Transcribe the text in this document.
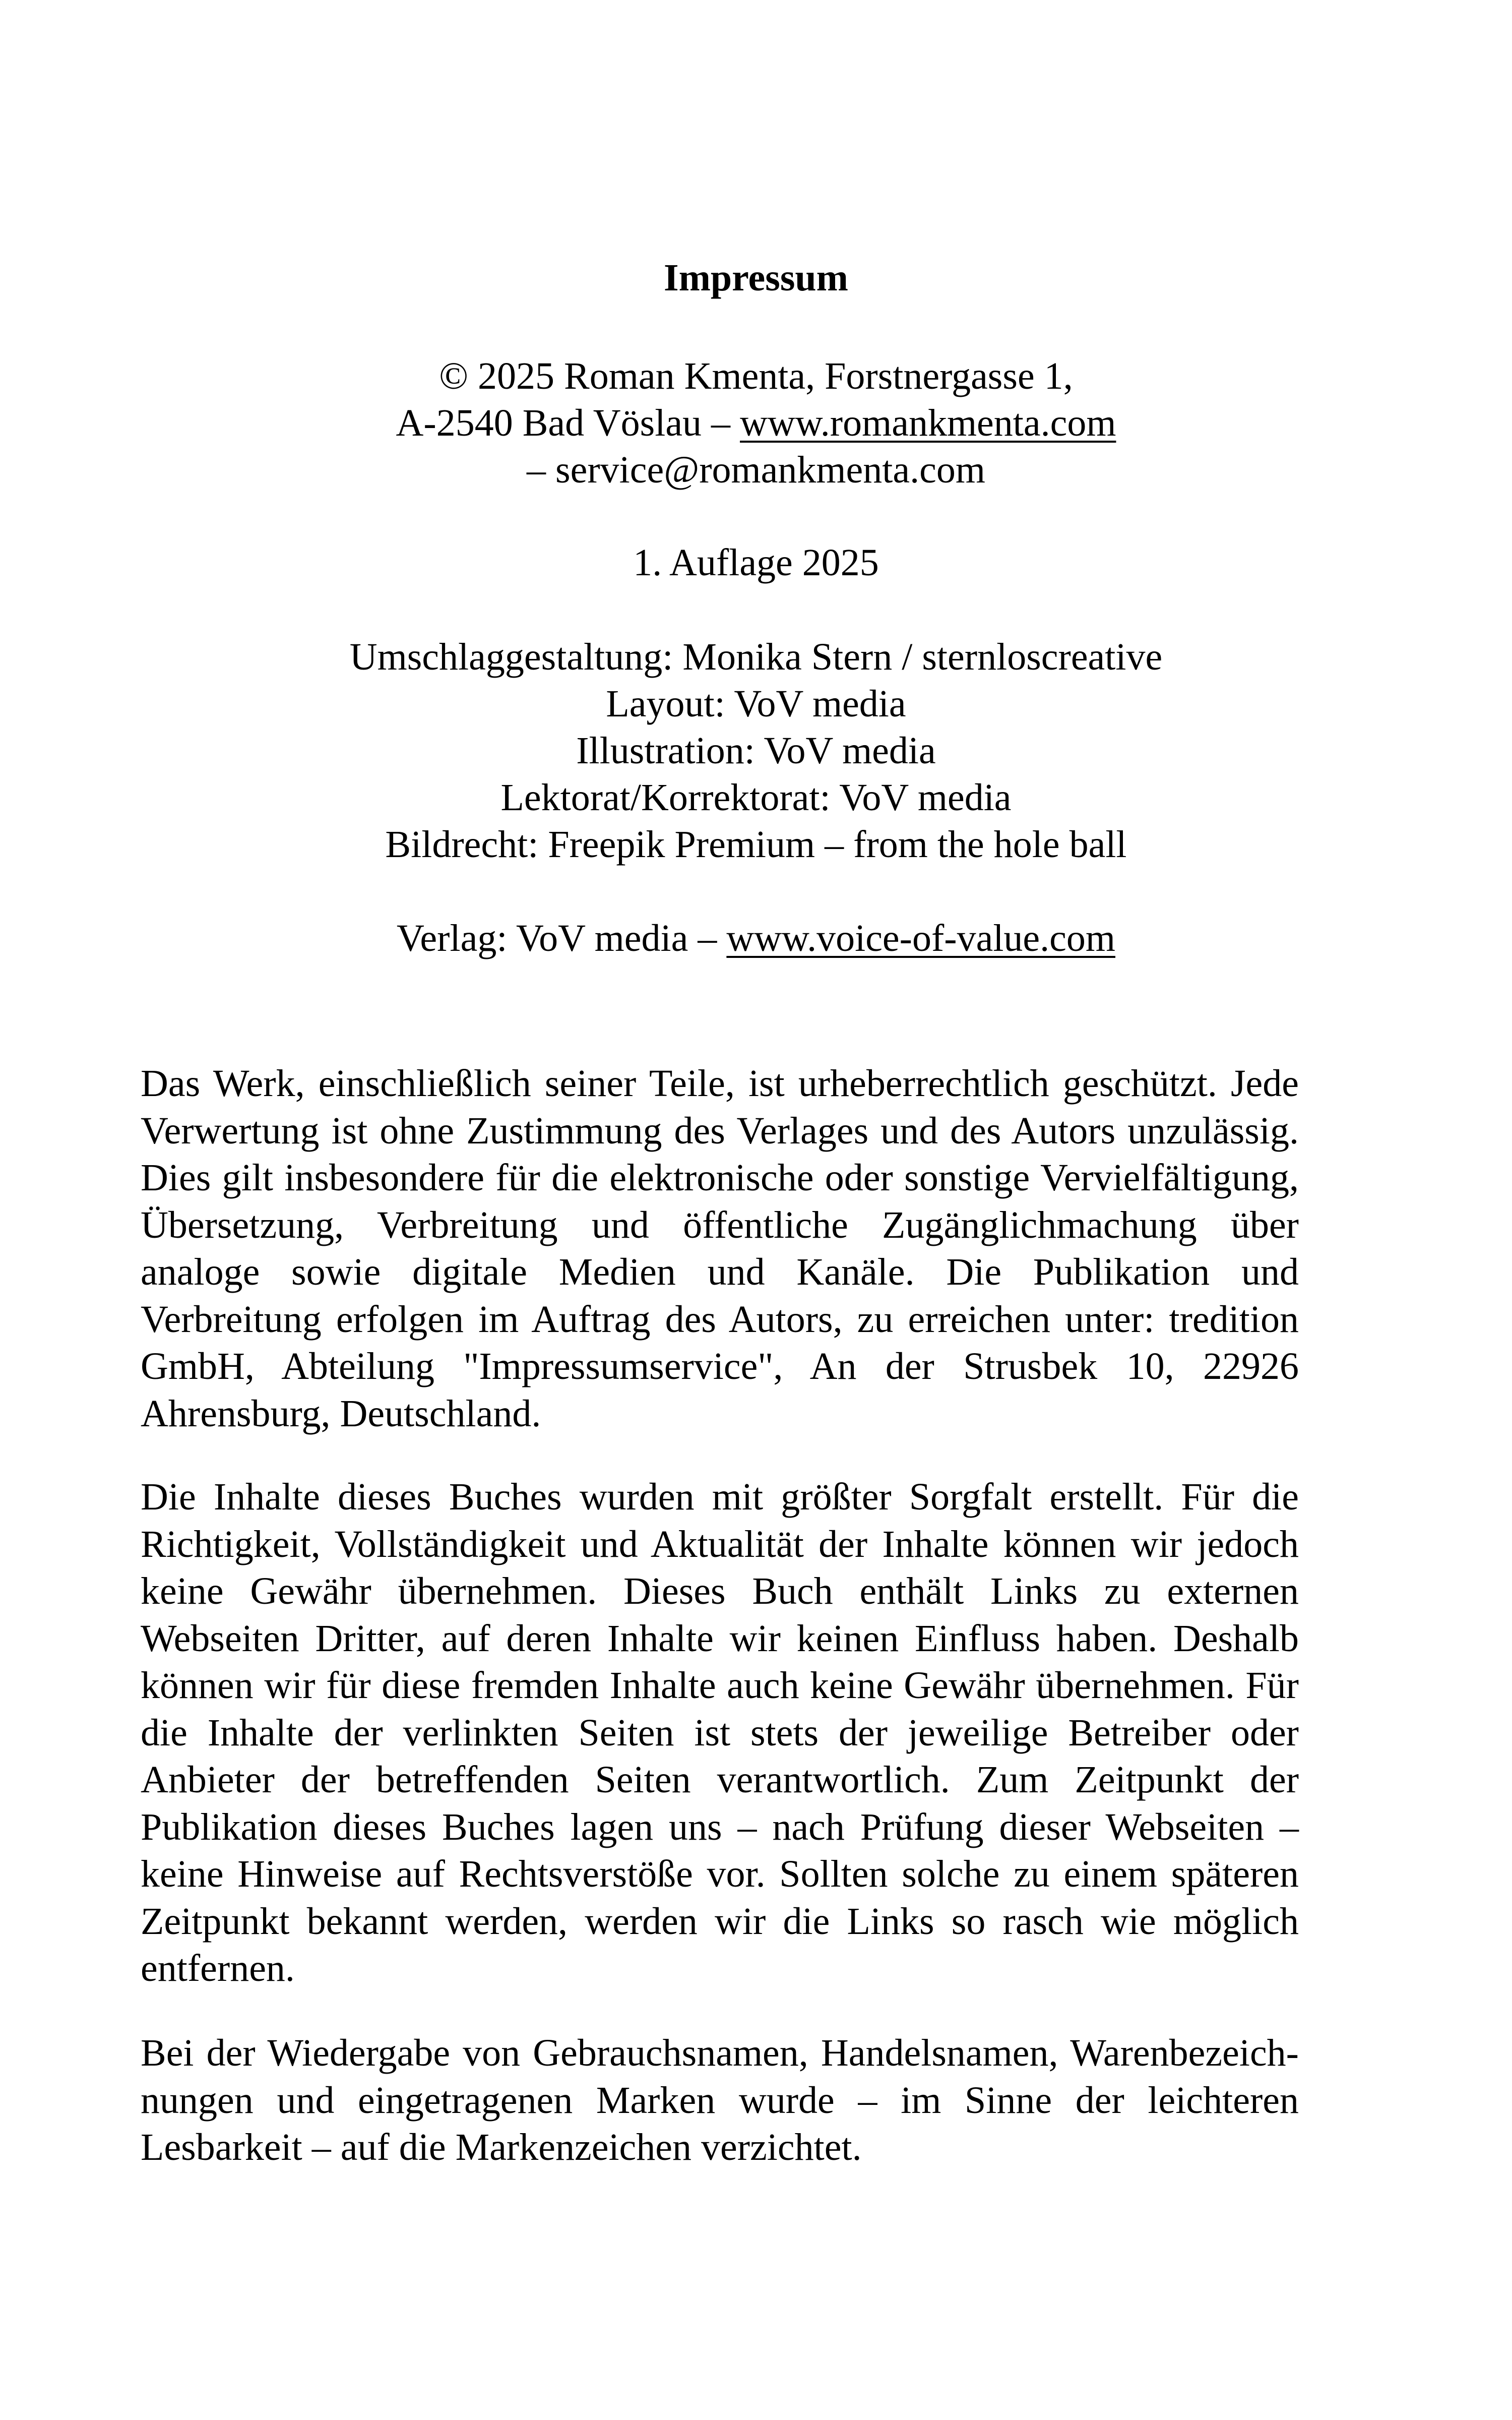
Impressum
© 2025 Roman Kmenta, Forstnergasse 1,
A-2540 Bad Vöslau – www.romankmenta.com
– service@romankmenta.com
1. Auflage 2025
Umschlaggestaltung: Monika Stern / sternloscreative
Layout: VoV media
Illustration: VoV media
Lektorat/Korrektorat: VoV media
Bildrecht: Freepik Premium – from the hole ball
Verlag: VoV media – www.voice-of-value.com
Das Werk, einschließlich seiner Teile, ist urheberrechtlich geschützt. Jede
Verwertung ist ohne Zustimmung des Verlages und des Autors unzulässig.
Dies gilt insbesondere für die elektronische oder sonstige Vervielfältigung,
Übersetzung, Verbreitung und öffentliche Zugänglichmachung über
analoge sowie digitale Medien und Kanäle. Die Publikation und
Verbreitung erfolgen im Auftrag des Autors, zu erreichen unter: tredition
GmbH, Abteilung "Impressumservice", An der Strusbek 10, 22926
Ahrensburg, Deutschland.
Die Inhalte dieses Buches wurden mit größter Sorgfalt erstellt. Für die
Richtigkeit, Vollständigkeit und Aktualität der Inhalte können wir jedoch
keine Gewähr übernehmen. Dieses Buch enthält Links zu externen
Webseiten Dritter, auf deren Inhalte wir keinen Einfluss haben. Deshalb
können wir für diese fremden Inhalte auch keine Gewähr übernehmen. Für
die Inhalte der verlinkten Seiten ist stets der jeweilige Betreiber oder
Anbieter der betreffenden Seiten verantwortlich. Zum Zeitpunkt der
Publikation dieses Buches lagen uns – nach Prüfung dieser Webseiten –
keine Hinweise auf Rechtsverstöße vor. Sollten solche zu einem späteren
Zeitpunkt bekannt werden, werden wir die Links so rasch wie möglich
entfernen.
Bei der Wiedergabe von Gebrauchsnamen, Handelsnamen, Warenbezeich-
nungen und eingetragenen Marken wurde – im Sinne der leichteren
Lesbarkeit – auf die Markenzeichen verzichtet.
